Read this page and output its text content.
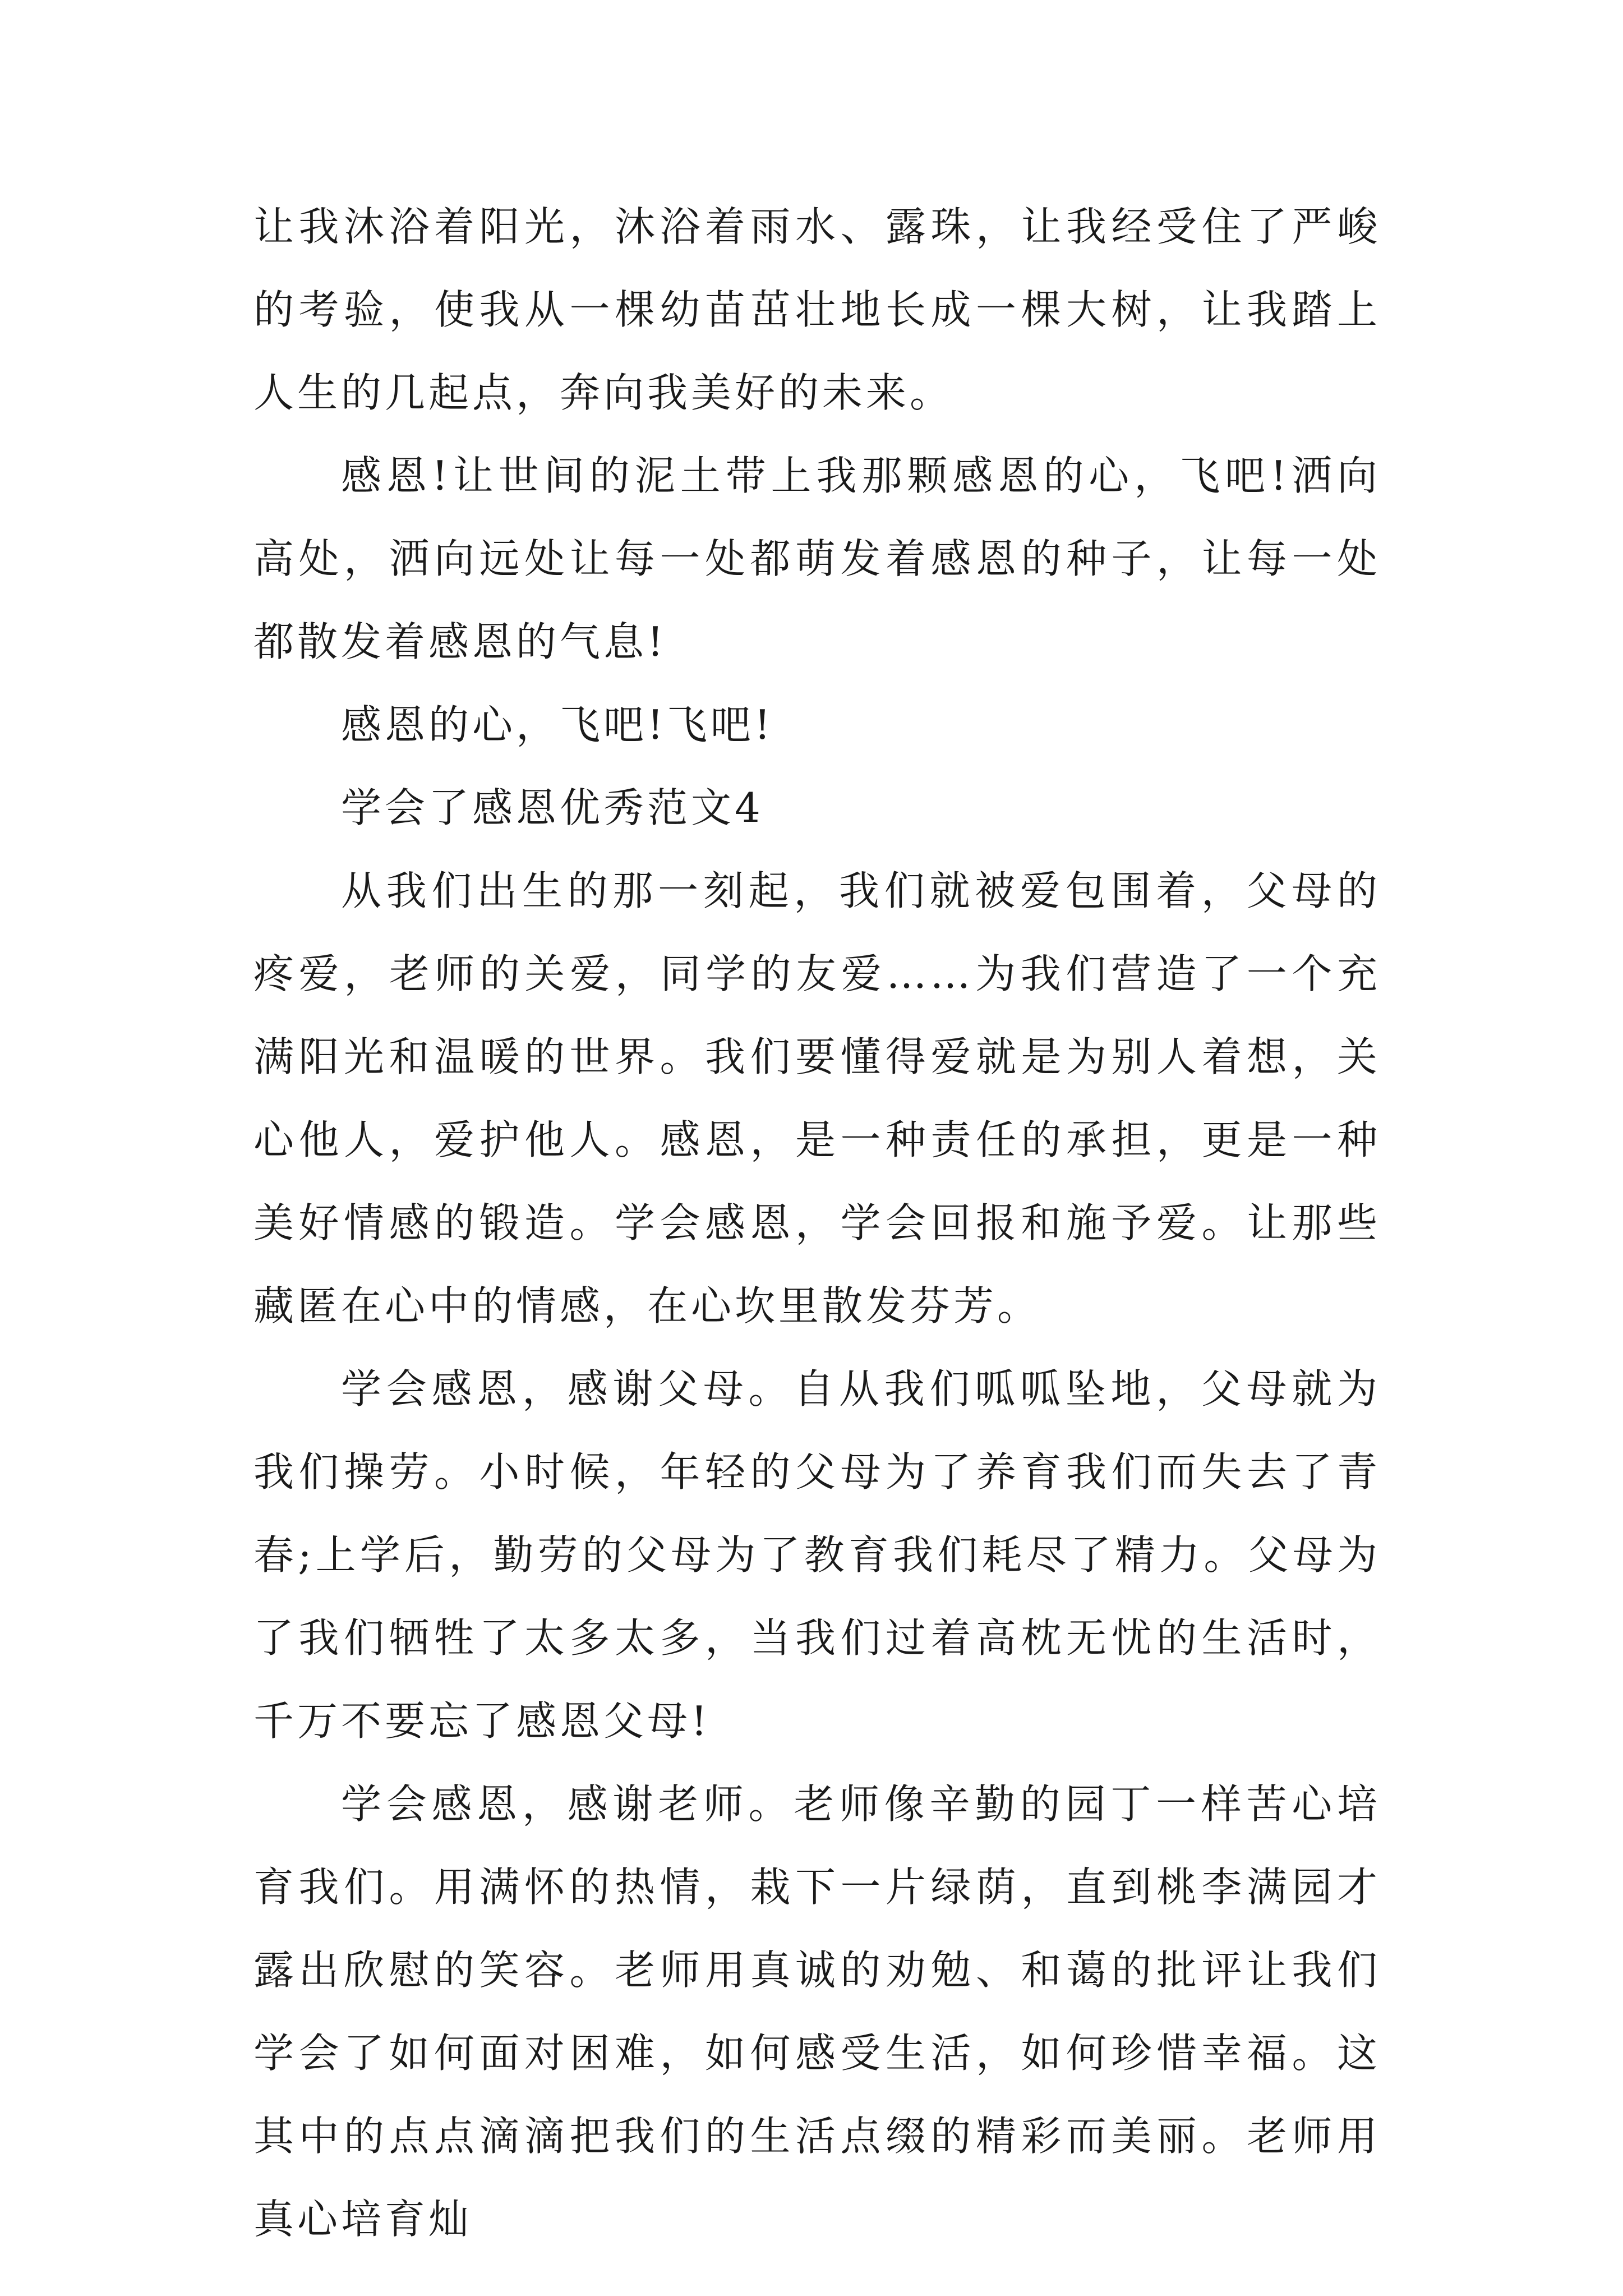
让我沐浴着阳光，沐浴着雨水、露珠，让我经受住了严峻的考验，使我从一棵幼苗茁壮地长成一棵大树，让我踏上人生的几起点，奔向我美好的未来。

感恩!让世间的泥土带上我那颗感恩的心，飞吧!洒向高处，洒向远处让每一处都萌发着感恩的种子，让每一处都散发着感恩的气息!

感恩的心，飞吧!飞吧!

学会了感恩优秀范文4

从我们出生的那一刻起，我们就被爱包围着，父母的疼爱，老师的关爱，同学的友爱……为我们营造了一个充满阳光和温暖的世界。我们要懂得爱就是为别人着想，关心他人，爱护他人。感恩，是一种责任的承担，更是一种美好情感的锻造。学会感恩，学会回报和施予爱。让那些藏匿在心中的情感，在心坎里散发芬芳。

学会感恩，感谢父母。自从我们呱呱坠地，父母就为我们操劳。小时候，年轻的父母为了养育我们而失去了青春;上学后，勤劳的父母为了教育我们耗尽了精力。父母为了我们牺牲了太多太多，当我们过着高枕无忧的生活时，千万不要忘了感恩父母!

学会感恩，感谢老师。老师像辛勤的园丁一样苦心培育我们。用满怀的热情，栽下一片绿荫，直到桃李满园才露出欣慰的笑容。老师用真诚的劝勉、和蔼的批评让我们学会了如何面对困难，如何感受生活，如何珍惜幸福。这其中的点点滴滴把我们的生活点缀的精彩而美丽。老师用真心培育灿
